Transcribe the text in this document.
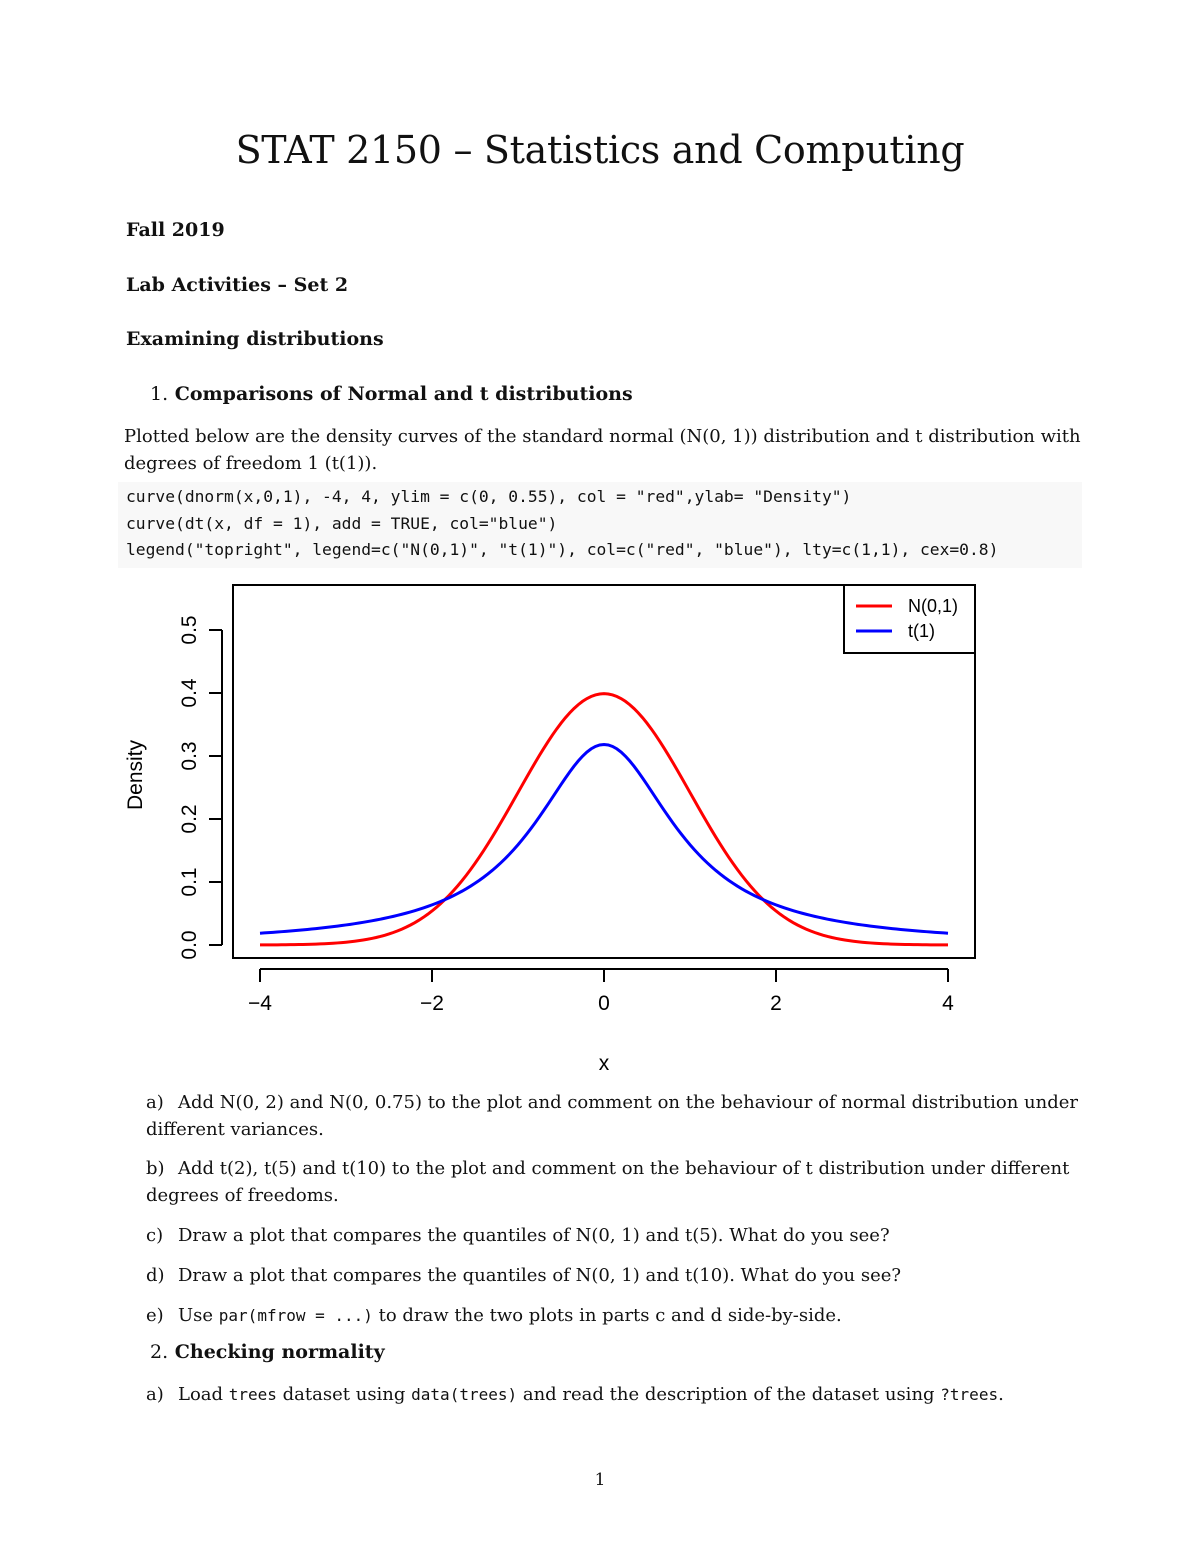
STAT 2150 – Statistics and Computing
Fall 2019
Lab Activities – Set 2
Examining distributions
1. Comparisons of Normal and t distributions
Plotted below are the density curves of the standard normal (N(0, 1)) distribution and t distribution with degrees of freedom 1 (t(1)).
curve(dnorm(x,0,1), -4, 4, ylim = c(0, 0.55), col = "red",ylab= "Density")
curve(dt(x, df = 1), add = TRUE, col="blue")
legend("topright", legend=c("N(0,1)", "t(1)"), col=c("red", "blue"), lty=c(1,1), cex=0.8)
−4	−2	0	2	4
x
0.0
0.1
0.2
0.3
0.4
0.5
Density
N(0,1)
t(1)
a) Add N(0, 2) and N(0, 0.75) to the plot and comment on the behaviour of normal distribution under different variances.
b) Add t(2), t(5) and t(10) to the plot and comment on the behaviour of t distribution under different degrees of freedoms.
c) Draw a plot that compares the quantiles of N(0, 1) and t(5). What do you see?
d) Draw a plot that compares the quantiles of N(0, 1) and t(10). What do you see?
e) Use par(mfrow = ...) to draw the two plots in parts c and d side-by-side.
2. Checking normality
a) Load trees dataset using data(trees) and read the description of the dataset using ?trees.
1
